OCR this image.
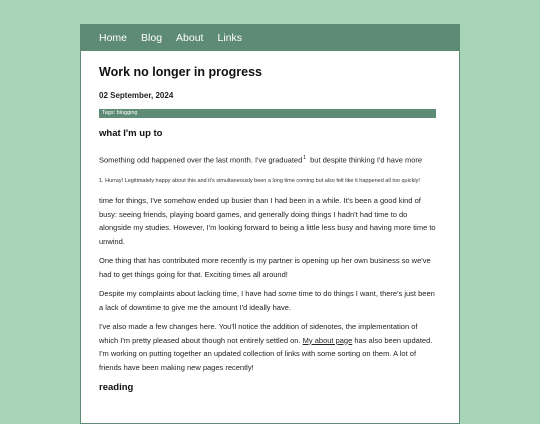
Home Blog About Links
Work no longer in progress
02 September, 2024
Tags: blogging
what I'm up to

Something odd happened over the last month. I've graduated$^1$ but despite thinking I'd have more

1. Hurray! Legitimately happy about this and it's simultaneously been a long time coming but also felt like it happened all too quickly!

time for things, I've somehow ended up busier than I had been in a while. It's been a good kind of busy: seeing friends, playing board games, and generally doing things I hadn't had time to do alongside my studies. However, I'm looking forward to being a little less busy and having more time to unwind.

One thing that has contributed more recently is my partner is opening up her own business so we've had to get things going for that. Exciting times all around!

Despite my complaints about lacking time, I have had some time to do things I want, there's just been a lack of downtime to give me the amount I'd ideally have.

I've also made a few changes here. You'll notice the addition of sidenotes, the implementation of which I'm pretty pleased about though not entirely settled on. My about page has also been updated. I'm working on putting together an updated collection of links with some sorting on them. A lot of friends have been making new pages recently!

reading
